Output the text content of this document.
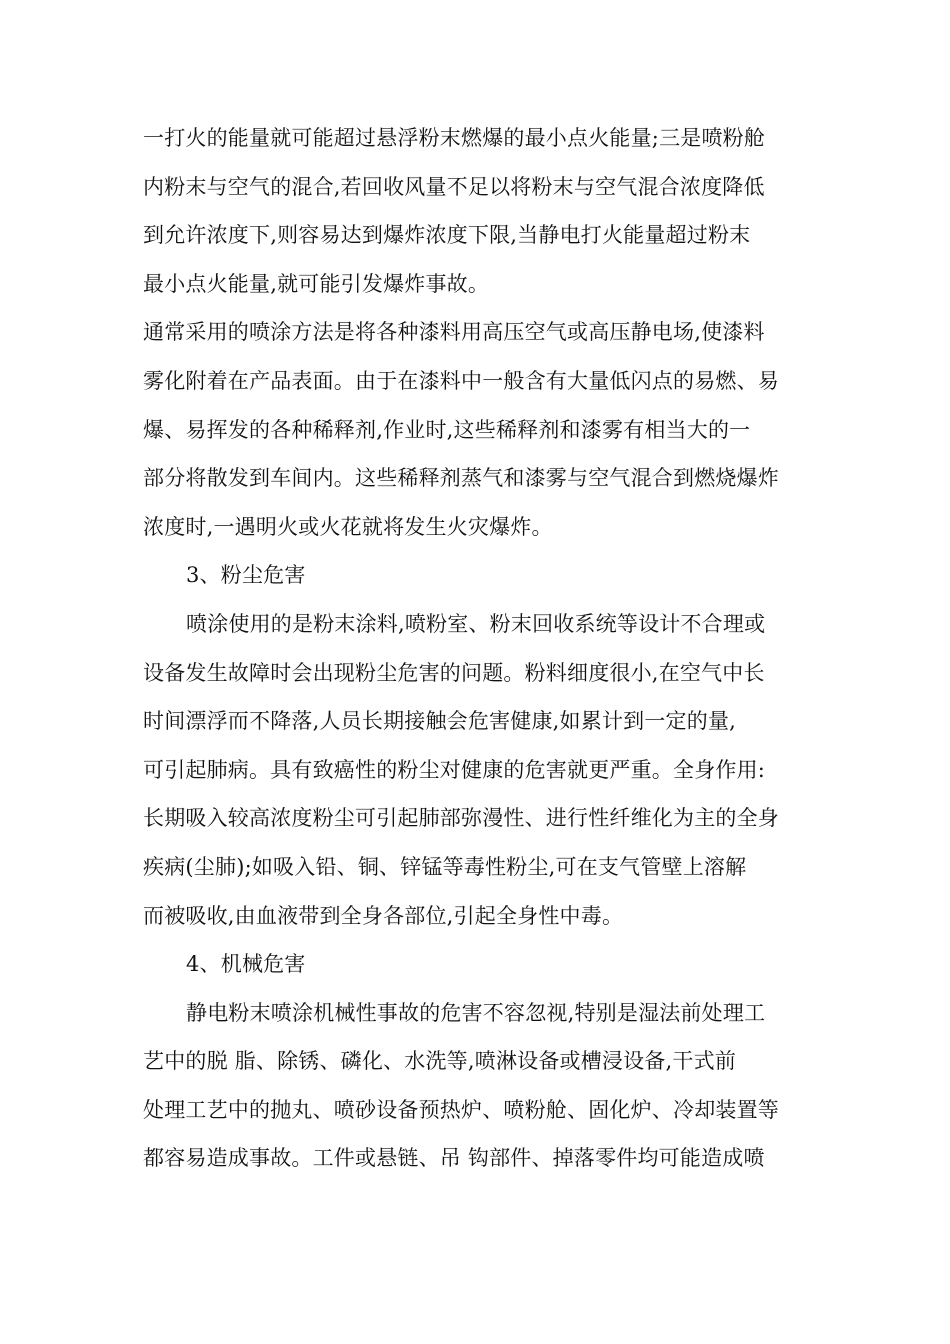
一打火的能量就可能超过悬浮粉末燃爆的最小点火能量;三是喷粉舱

内粉末与空气的混合,若回收风量不足以将粉末与空气混合浓度降低

到允许浓度下,则容易达到爆炸浓度下限,当静电打火能量超过粉末

最小点火能量,就可能引发爆炸事故。

通常采用的喷涂方法是将各种漆料用高压空气或高压静电场,使漆料

雾化附着在产品表面。由于在漆料中一般含有大量低闪点的易燃、易

爆、易挥发的各种稀释剂,作业时,这些稀释剂和漆雾有相当大的一

部分将散发到车间内。这些稀释剂蒸气和漆雾与空气混合到燃烧爆炸

浓度时,一遇明火或火花就将发生火灾爆炸。

3、粉尘危害

喷涂使用的是粉末涂料,喷粉室、粉末回收系统等设计不合理或

设备发生故障时会出现粉尘危害的问题。粉料细度很小,在空气中长

时间漂浮而不降落,人员长期接触会危害健康,如累计到一定的量,

可引起肺病。具有致癌性的粉尘对健康的危害就更严重。全身作用:

长期吸入较高浓度粉尘可引起肺部弥漫性、进行性纤维化为主的全身

疾病(尘肺);如吸入铅、铜、锌锰等毒性粉尘,可在支气管壁上溶解

而被吸收,由血液带到全身各部位,引起全身性中毒。

4、机械危害

静电粉末喷涂机械性事故的危害不容忽视,特别是湿法前处理工

艺中的脱 脂、除锈、磷化、水洗等,喷淋设备或槽浸设备,干式前

处理工艺中的抛丸、喷砂设备预热炉、喷粉舱、固化炉、冷却装置等

都容易造成事故。工件或悬链、吊 钩部件、掉落零件均可能造成喷
